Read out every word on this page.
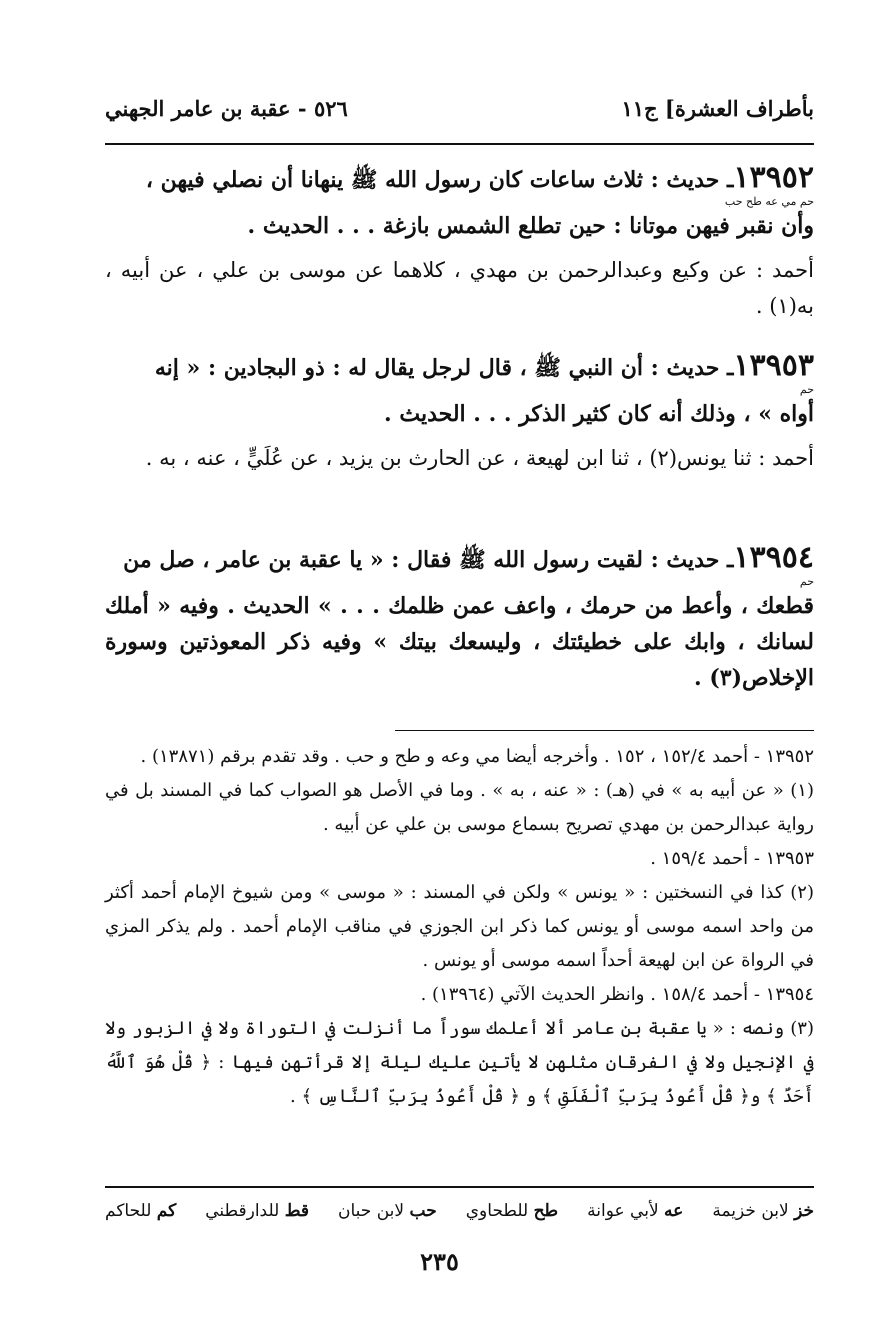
بأطراف العشرة] ج١١
٥٢٦ - عقبة بن عامر الجهني
١٣٩٥٢ـ حديث : ثلاث ساعات كان رسول الله ﷺ ينهانا أن نصلي فيهن ،
حم مي عه طح حب
وأن نقبر فيهن موتانا : حين تطلع الشمس بازغة . . . الحديث .
أحمد : عن وكيع وعبدالرحمن بن مهدي ، كلاهما عن موسى بن علي ، عن أبيه ، به(١) .
١٣٩٥٣ـ حديث : أن النبي ﷺ ، قال لرجل يقال له : ذو البجادين : « إنه
حم
أواه » ، وذلك أنه كان كثير الذكر . . . الحديث .
أحمد : ثنا يونس(٢) ، ثنا ابن لهيعة ، عن الحارث بن يزيد ، عن عُلَيٍّ ، عنه ، به .
١٣٩٥٤ـ حديث : لقيت رسول الله ﷺ فقال : « يا عقبة بن عامر ، صل من
حم
قطعك ، وأعط من حرمك ، واعف عمن ظلمك . . . » الحديث . وفيه « أملك لسانك ، وابك على خطيئتك ، وليسعك بيتك » وفيه ذكر المعوذتين وسورة الإخلاص(٣) .

١٣٩٥٢ - أحمد ١٥٢/٤ ، ١٥٢ . وأخرجه أيضا مي وعه و طح و حب . وقد تقدم برقم (١٣٨٧١) .

(١) « عن أبيه به » في (هـ) : « عنه ، به » . وما في الأصل هو الصواب كما في المسند بل في رواية عبدالرحمن بن مهدي تصريح بسماع موسى بن علي عن أبيه .

١٣٩٥٣ - أحمد ١٥٩/٤ .

(٢) كذا في النسختين : « يونس » ولكن في المسند : « موسى » ومن شيوخ الإمام أحمد أكثر من واحد اسمه موسى أو يونس كما ذكر ابن الجوزي في مناقب الإمام أحمد . ولم يذكر المزي في الرواة عن ابن لهيعة أحداً اسمه موسى أو يونس .

١٣٩٥٤ - أحمد ١٥٨/٤ . وانظر الحديث الآتي (١٣٩٦٤) .

(٣) ونصه : « يا عقبة بن عامر ألا أعلمك سوراً ما أنزلت في التوراة ولا في الزبور ولا في الإنجيل ولا في الفرقان مثلهن لا يأتين عليك ليلة إلا قرأتهن فيها : ﴿ قُلْ هُوَ ٱللَّهُ أَحَدٌ ﴾ و﴿ قُلْ أَعُوذُ بِرَبِّ ٱلْفَلَقِ ﴾ و ﴿ قُلْ أَعُوذُ بِرَبِّ ٱلنَّاسِ ﴾ .

خز لابن خزيمة
عه لأبي عوانة
طح للطحاوي
حب لابن حبان
قط للدارقطني
كم للحاكم
٢٣٥
